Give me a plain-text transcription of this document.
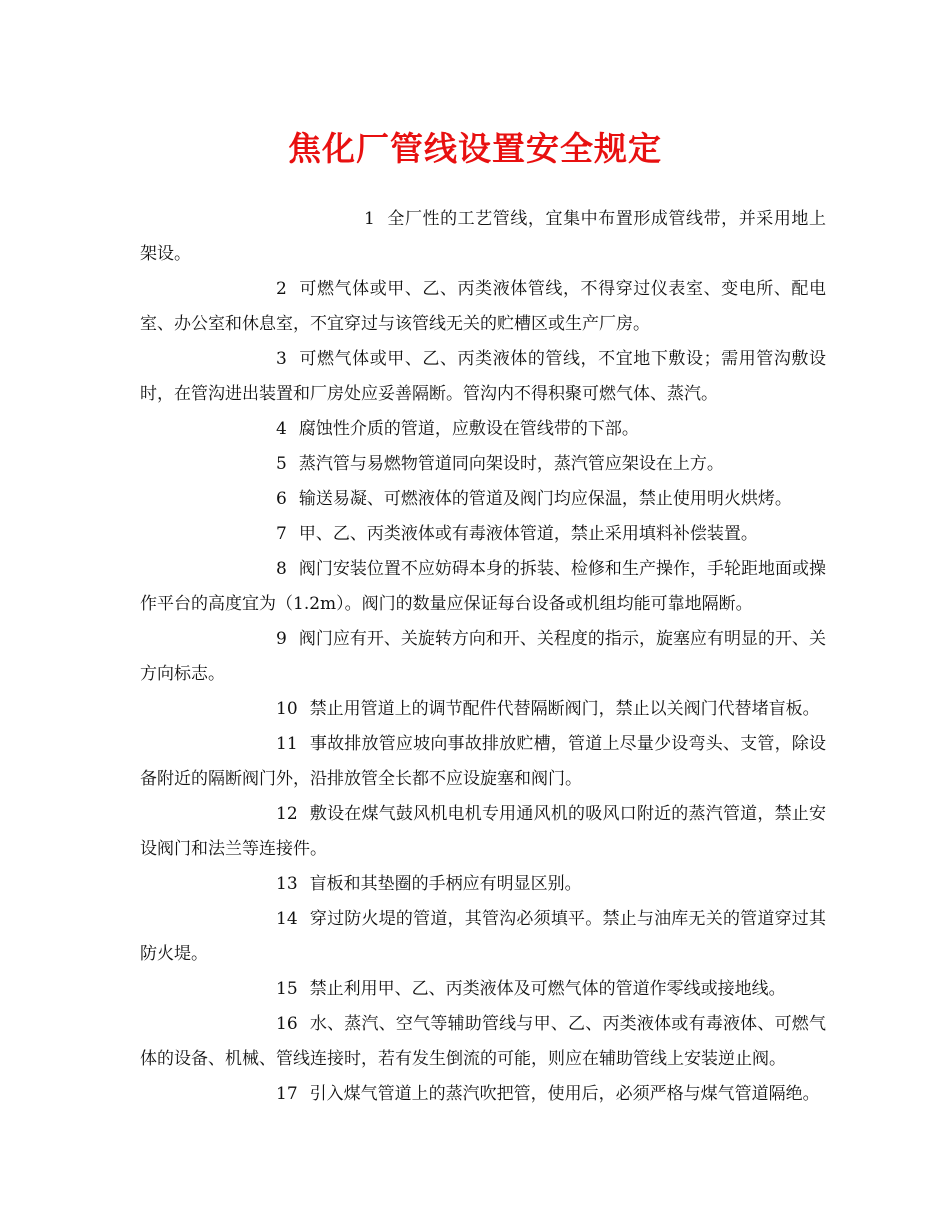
焦化厂管线设置安全规定

1 全厂性的工艺管线，宜集中布置形成管线带，并采用地上架设。

2 可燃气体或甲、乙、丙类液体管线，不得穿过仪表室、变电所、配电室、办公室和休息室，不宜穿过与该管线无关的贮槽区或生产厂房。

3 可燃气体或甲、乙、丙类液体的管线，不宜地下敷设；需用管沟敷设时，在管沟进出装置和厂房处应妥善隔断。管沟内不得积聚可燃气体、蒸汽。

4 腐蚀性介质的管道，应敷设在管线带的下部。

5 蒸汽管与易燃物管道同向架设时，蒸汽管应架设在上方。

6 输送易凝、可燃液体的管道及阀门均应保温，禁止使用明火烘烤。

7 甲、乙、丙类液体或有毒液体管道，禁止采用填料补偿装置。

8 阀门安装位置不应妨碍本身的拆装、检修和生产操作，手轮距地面或操作平台的高度宜为（1.2m）。阀门的数量应保证每台设备或机组均能可靠地隔断。

9 阀门应有开、关旋转方向和开、关程度的指示，旋塞应有明显的开、关方向标志。

10 禁止用管道上的调节配件代替隔断阀门，禁止以关阀门代替堵盲板。

11 事故排放管应坡向事故排放贮槽，管道上尽量少设弯头、支管，除设备附近的隔断阀门外，沿排放管全长都不应设旋塞和阀门。

12 敷设在煤气鼓风机电机专用通风机的吸风口附近的蒸汽管道，禁止安设阀门和法兰等连接件。

13 盲板和其垫圈的手柄应有明显区别。

14 穿过防火堤的管道，其管沟必须填平。禁止与油库无关的管道穿过其防火堤。

15 禁止利用甲、乙、丙类液体及可燃气体的管道作零线或接地线。

16 水、蒸汽、空气等辅助管线与甲、乙、丙类液体或有毒液体、可燃气体的设备、机械、管线连接时，若有发生倒流的可能，则应在辅助管线上安装逆止阀。

17 引入煤气管道上的蒸汽吹把管，使用后，必须严格与煤气管道隔绝。
